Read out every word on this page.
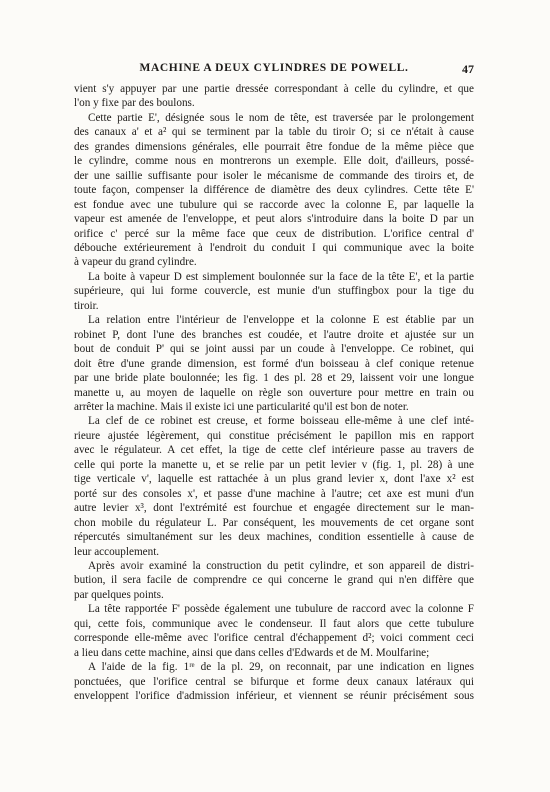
MACHINE A DEUX CYLINDRES DE POWELL.	47
vient s'y appuyer par une partie dressée correspondant à celle du cylindre, et que
l'on y fixe par des boulons.
Cette partie E', désignée sous le nom de tête, est traversée par le prolongement
des canaux a' et a² qui se terminent par la table du tiroir O; si ce n'était à cause
des grandes dimensions générales, elle pourrait être fondue de la même pièce que
le cylindre, comme nous en montrerons un exemple. Elle doit, d'ailleurs, possé-
der une saillie suffisante pour isoler le mécanisme de commande des tiroirs et, de
toute façon, compenser la différence de diamètre des deux cylindres. Cette tête E'
est fondue avec une tubulure qui se raccorde avec la colonne E, par laquelle la
vapeur est amenée de l'enveloppe, et peut alors s'introduire dans la boite D par un
orifice c' percé sur la même face que ceux de distribution. L'orifice central d'
débouche extérieurement à l'endroit du conduit I qui communique avec la boite
à vapeur du grand cylindre.
La boite à vapeur D est simplement boulonnée sur la face de la tête E', et la partie
supérieure, qui lui forme couvercle, est munie d'un stuffingbox pour la tige du
tiroir.
La relation entre l'intérieur de l'enveloppe et la colonne E est établie par un
robinet P, dont l'une des branches est coudée, et l'autre droite et ajustée sur un
bout de conduit P' qui se joint aussi par un coude à l'enveloppe. Ce robinet, qui
doit être d'une grande dimension, est formé d'un boisseau à clef conique retenue
par une bride plate boulonnée; les fig. 1 des pl. 28 et 29, laissent voir une longue
manette u, au moyen de laquelle on règle son ouverture pour mettre en train ou
arrêter la machine. Mais il existe ici une particularité qu'il est bon de noter.
La clef de ce robinet est creuse, et forme boisseau elle-même à une clef inté-
rieure ajustée légèrement, qui constitue précisément le papillon mis en rapport
avec le régulateur. A cet effet, la tige de cette clef intérieure passe au travers de
celle qui porte la manette u, et se relie par un petit levier v (fig. 1, pl. 28) à une
tige verticale v', laquelle est rattachée à un plus grand levier x, dont l'axe x² est
porté sur des consoles x', et passe d'une machine à l'autre; cet axe est muni d'un
autre levier x³, dont l'extrémité est fourchue et engagée directement sur le man-
chon mobile du régulateur L. Par conséquent, les mouvements de cet organe sont
répercutés simultanément sur les deux machines, condition essentielle à cause de
leur accouplement.
Après avoir examiné la construction du petit cylindre, et son appareil de distri-
bution, il sera facile de comprendre ce qui concerne le grand qui n'en diffère que
par quelques points.
La tête rapportée F' possède également une tubulure de raccord avec la colonne F
qui, cette fois, communique avec le condenseur. Il faut alors que cette tubulure
corresponde elle-même avec l'orifice central d'échappement d²; voici comment ceci
a lieu dans cette machine, ainsi que dans celles d'Edwards et de M. Moulfarine;
A l'aide de la fig. 1ʳᵉ de la pl. 29, on reconnait, par une indication en lignes
ponctuées, que l'orifice central se bifurque et forme deux canaux latéraux qui
enveloppent l'orifice d'admission inférieur, et viennent se réunir précisément sous
